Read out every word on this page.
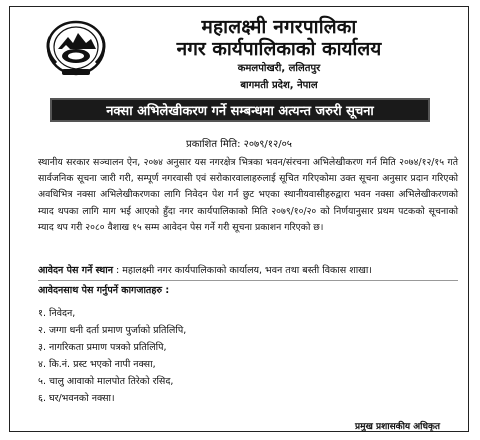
महालक्ष्मी नगरपालिका
नगर कार्यपालिकाको कार्यालय
कमलपोखरी, ललितपुर
बागमती प्रदेश, नेपाल
नक्सा अभिलेखीकरण गर्ने सम्बन्धमा अत्यन्त जरुरी सूचना
प्रकाशित मिति: २०७९/१२/०५
स्थानीय सरकार सञ्चालन ऐन, २०७४ अनुसार यस नगरक्षेत्र भित्रका भवन/संरचना अभिलेखीकरण गर्न मिति २०७४/१२/१५ गते सार्वजनिक सूचना जारी गरी, सम्पूर्ण नगरवासी एवं सरोकारवालाहरुलाई सूचित गरिएकोमा उक्त सूचना अनुसार प्रदान गरिएको अवधिभित्र नक्सा अभिलेखीकरणका लागि निवेदन पेश गर्न छुट भएका स्थानीयवासीहरुद्वारा भवन नक्सा अभिलेखीकरणको म्याद थपका लागि माग भई आएको हुँदा नगर कार्यपालिकाको मिति २०७९/१०/२० को निर्णयानुसार प्रथम पटकको सूचनाको म्याद थप गरी २०८० वैशाख १५ सम्म आवेदन पेस गर्ने गरी सूचना प्रकाशन गरिएको छ।
आवेदन पेस गर्ने स्थान : महालक्ष्मी नगर कार्यपालिकाको कार्यालय, भवन तथा बस्ती विकास शाखा।
आवेदनसाथ पेस गर्नुपर्ने कागजातहरु :
१. निवेदन,
२. जग्गा धनी दर्ता प्रमाण पुर्जाको प्रतिलिपि,
३. नागरिकता प्रमाण पत्रको प्रतिलिपि,
४. कि.नं. प्रस्ट भएको नापी नक्सा,
५. चालु आवाको मालपोत तिरेको रसिद,
६. घर/भवनको नक्सा।
प्रमुख प्रशासकीय अधिकृत
